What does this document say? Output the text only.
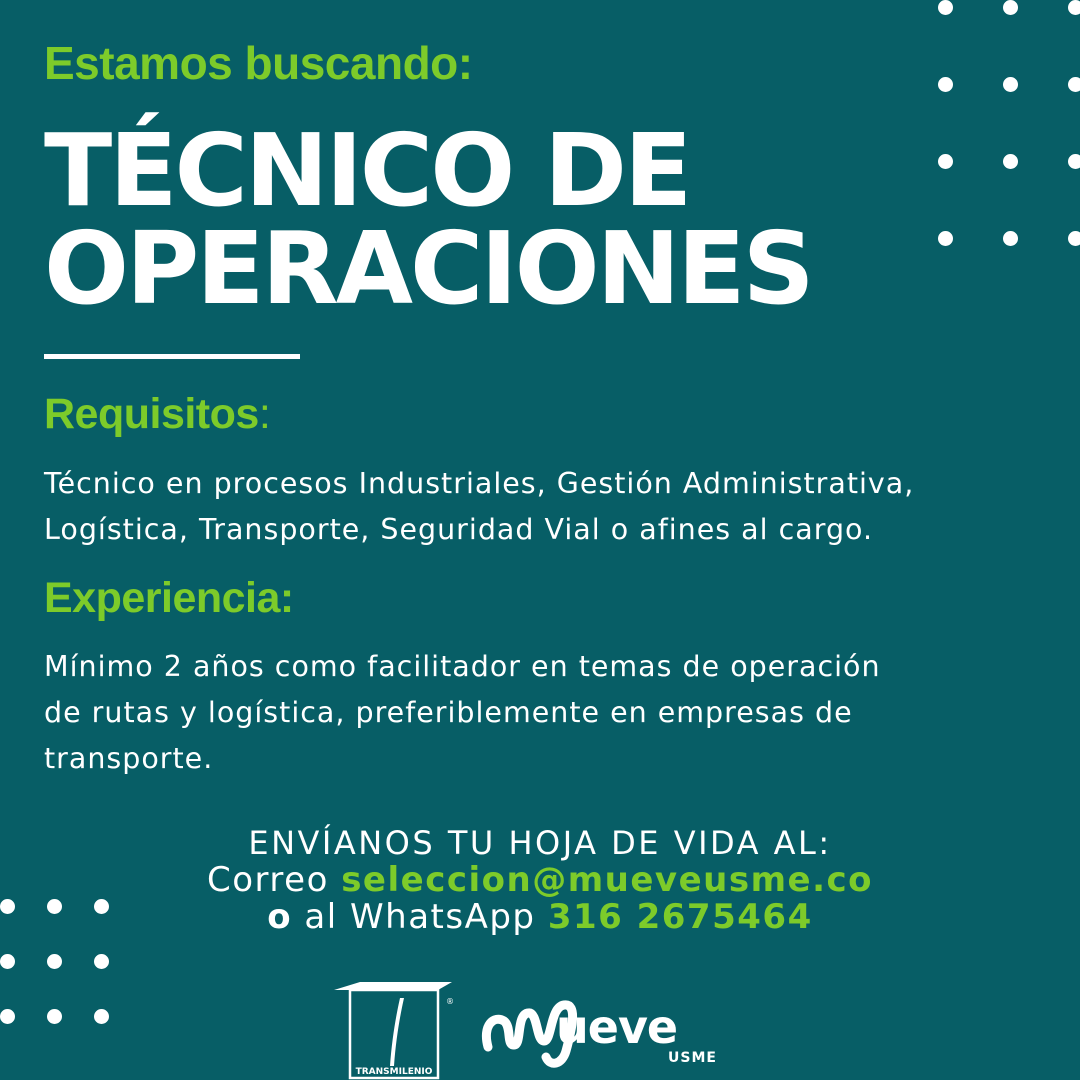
Estamos buscando:
TÉCNICO DE
OPERACIONES
Requisitos:
Técnico en procesos Industriales, Gestión Administrativa,
Logística, Transporte, Seguridad Vial o afines al cargo.
Experiencia:
Mínimo 2 años como facilitador en temas de operación
de rutas y logística, preferiblemente en empresas de
transporte.
ENVÍANOS TU HOJA DE VIDA AL:
Correo seleccion@mueveusme.co
o al WhatsApp 316 2675464
®
TRANSMILENIO
ueve
USME
